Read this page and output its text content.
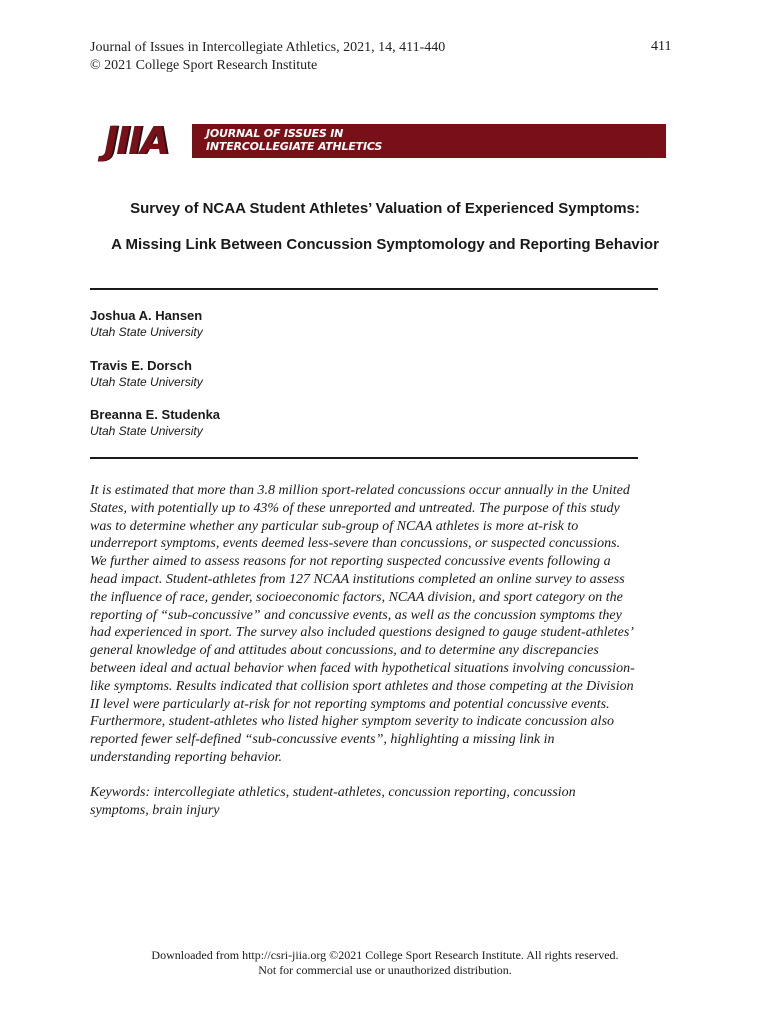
Journal of Issues in Intercollegiate Athletics, 2021, 14, 411-440
© 2021 College Sport Research Institute
411
JIIA	JOURNAL OF ISSUES IN
INTERCOLLEGIATE ATHLETICS
Survey of NCAA Student Athletes’ Valuation of Experienced Symptoms:
A Missing Link Between Concussion Symptomology and Reporting Behavior
Joshua A. Hansen
Utah State University
Travis E. Dorsch
Utah State University
Breanna E. Studenka
Utah State University
It is estimated that more than 3.8 million sport-related concussions occur annually in the United
States, with potentially up to 43% of these unreported and untreated. The purpose of this study
was to determine whether any particular sub-group of NCAA athletes is more at-risk to
underreport symptoms, events deemed less-severe than concussions, or suspected concussions.
We further aimed to assess reasons for not reporting suspected concussive events following a
head impact. Student-athletes from 127 NCAA institutions completed an online survey to assess
the influence of race, gender, socioeconomic factors, NCAA division, and sport category on the
reporting of “sub-concussive” and concussive events, as well as the concussion symptoms they
had experienced in sport. The survey also included questions designed to gauge student-athletes’
general knowledge of and attitudes about concussions, and to determine any discrepancies
between ideal and actual behavior when faced with hypothetical situations involving concussion-
like symptoms. Results indicated that collision sport athletes and those competing at the Division
II level were particularly at-risk for not reporting symptoms and potential concussive events.
Furthermore, student-athletes who listed higher symptom severity to indicate concussion also
reported fewer self-defined “sub-concussive events”, highlighting a missing link in
understanding reporting behavior.
Keywords: intercollegiate athletics, student-athletes, concussion reporting, concussion
symptoms, brain injury
Downloaded from http://csri-jiia.org ©2021 College Sport Research Institute. All rights reserved.
Not for commercial use or unauthorized distribution.
